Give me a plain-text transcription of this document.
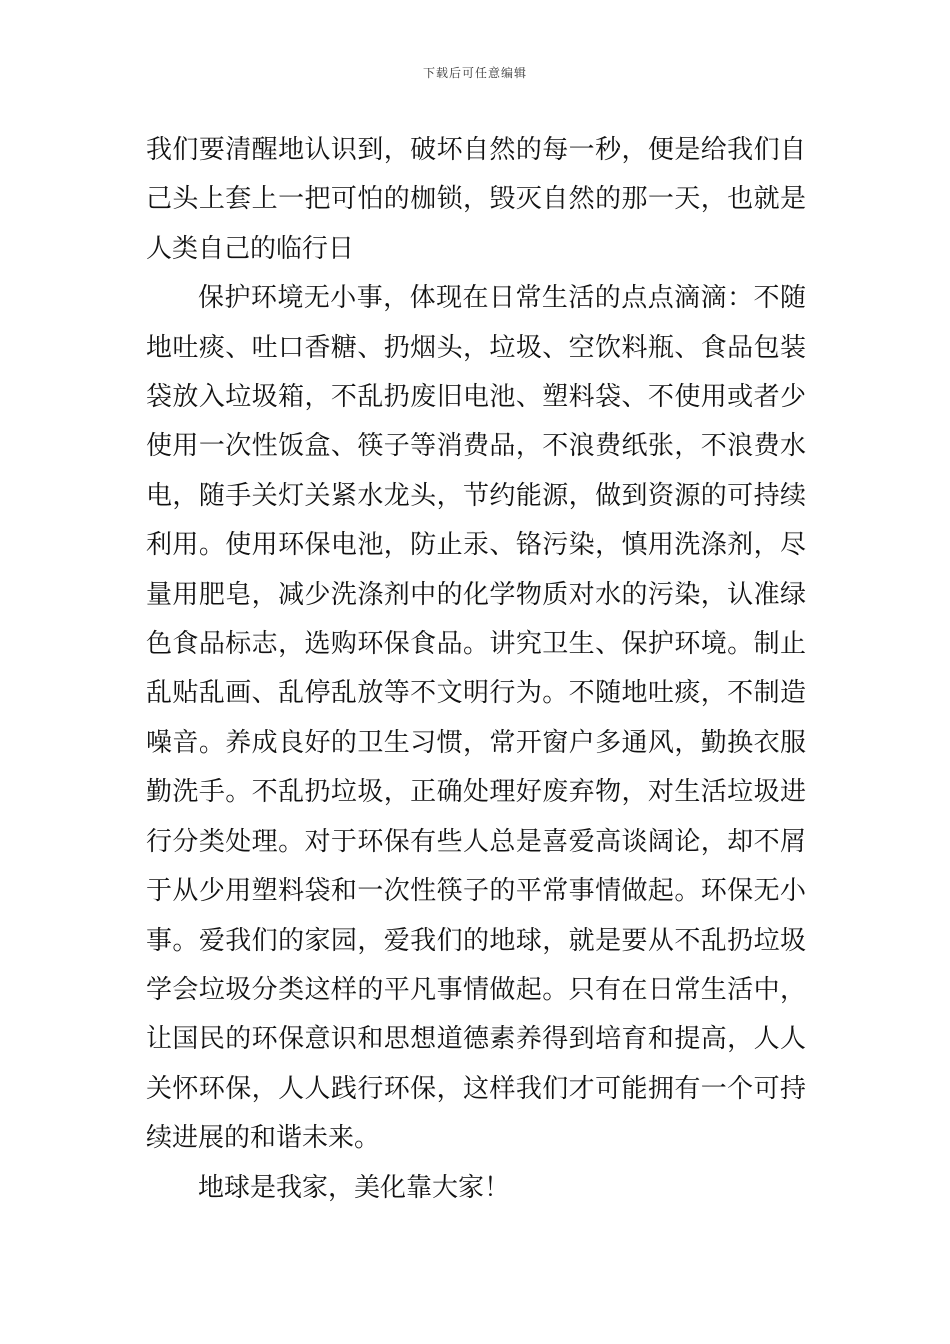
下载后可任意编辑

我们要清醒地认识到，破坏自然的每一秒，便是给我们自己头上套上一把可怕的枷锁，毁灭自然的那一天，也就是人类自己的临行日

保护环境无小事，体现在日常生活的点点滴滴：不随地吐痰、吐口香糖、扔烟头，垃圾、空饮料瓶、食品包装袋放入垃圾箱，不乱扔废旧电池、塑料袋、不使用或者少使用一次性饭盒、筷子等消费品，不浪费纸张，不浪费水电，随手关灯关紧水龙头，节约能源，做到资源的可持续利用。使用环保电池，防止汞、铬污染，慎用洗涤剂，尽量用肥皂，减少洗涤剂中的化学物质对水的污染，认准绿色食品标志，选购环保食品。讲究卫生、保护环境。制止乱贴乱画、乱停乱放等不文明行为。不随地吐痰，不制造噪音。养成良好的卫生习惯，常开窗户多通风，勤换衣服勤洗手。不乱扔垃圾，正确处理好废弃物，对生活垃圾进行分类处理。对于环保有些人总是喜爱高谈阔论，却不屑于从少用塑料袋和一次性筷子的平常事情做起。环保无小事。爱我们的家园，爱我们的地球，就是要从不乱扔垃圾学会垃圾分类这样的平凡事情做起。只有在日常生活中，让国民的环保意识和思想道德素养得到培育和提高，人人关怀环保，人人践行环保，这样我们才可能拥有一个可持续进展的和谐未来。

地球是我家，美化靠大家！
